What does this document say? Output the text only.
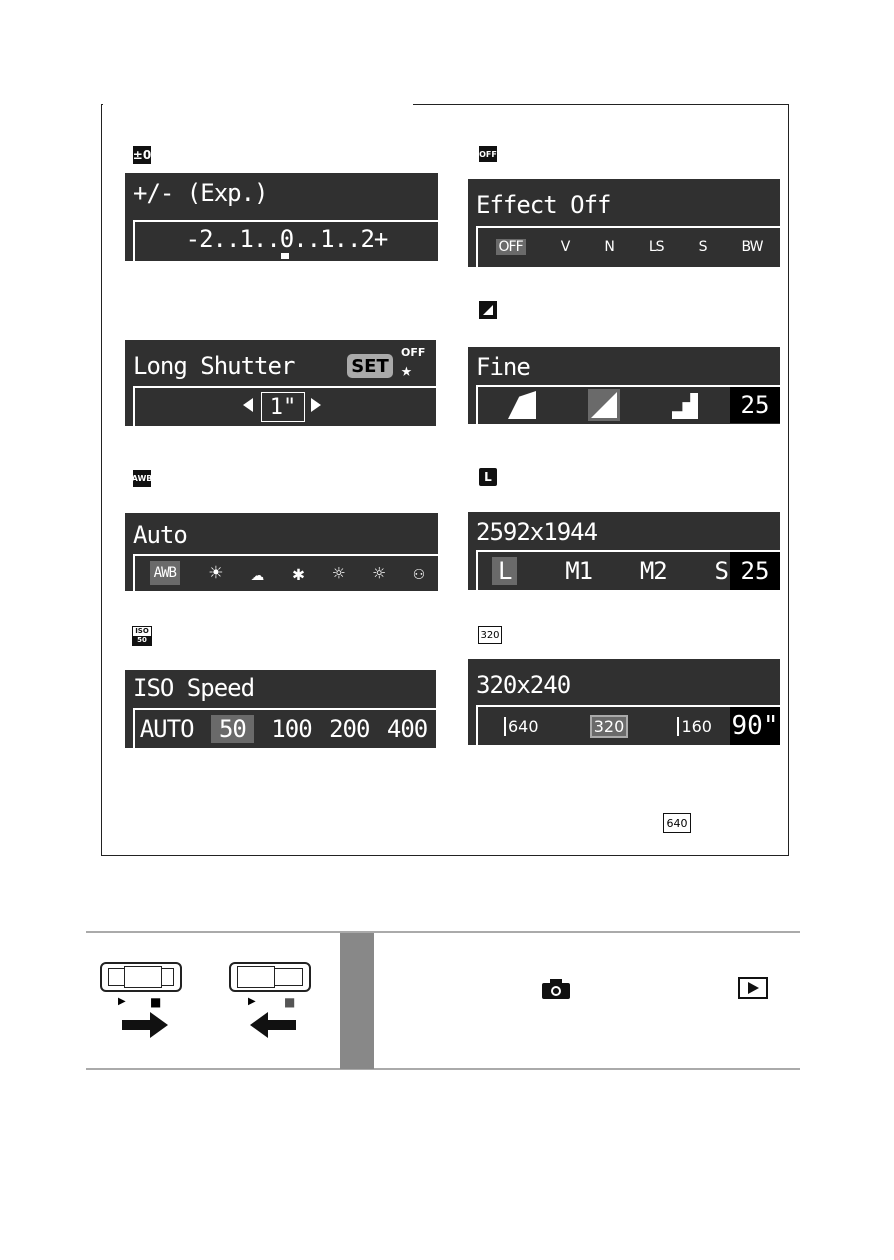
±0
+/- (Exp.)
-2..1..0..1..2+
OFF
Effect Off
OFF	V	N	LS	S	BW
Long Shutter	SET
OFF
★
1"
Fine
25
AWB
Auto
AWB ☀ ☁ ✱ ☼ ☼ ⚇
L
2592x1944
L M1 M2 S 25
ISO
50
ISO Speed
AUTO	50	100 200 400
320
320x240
640	320	160 90"
640
▶ ■	▶ ■
